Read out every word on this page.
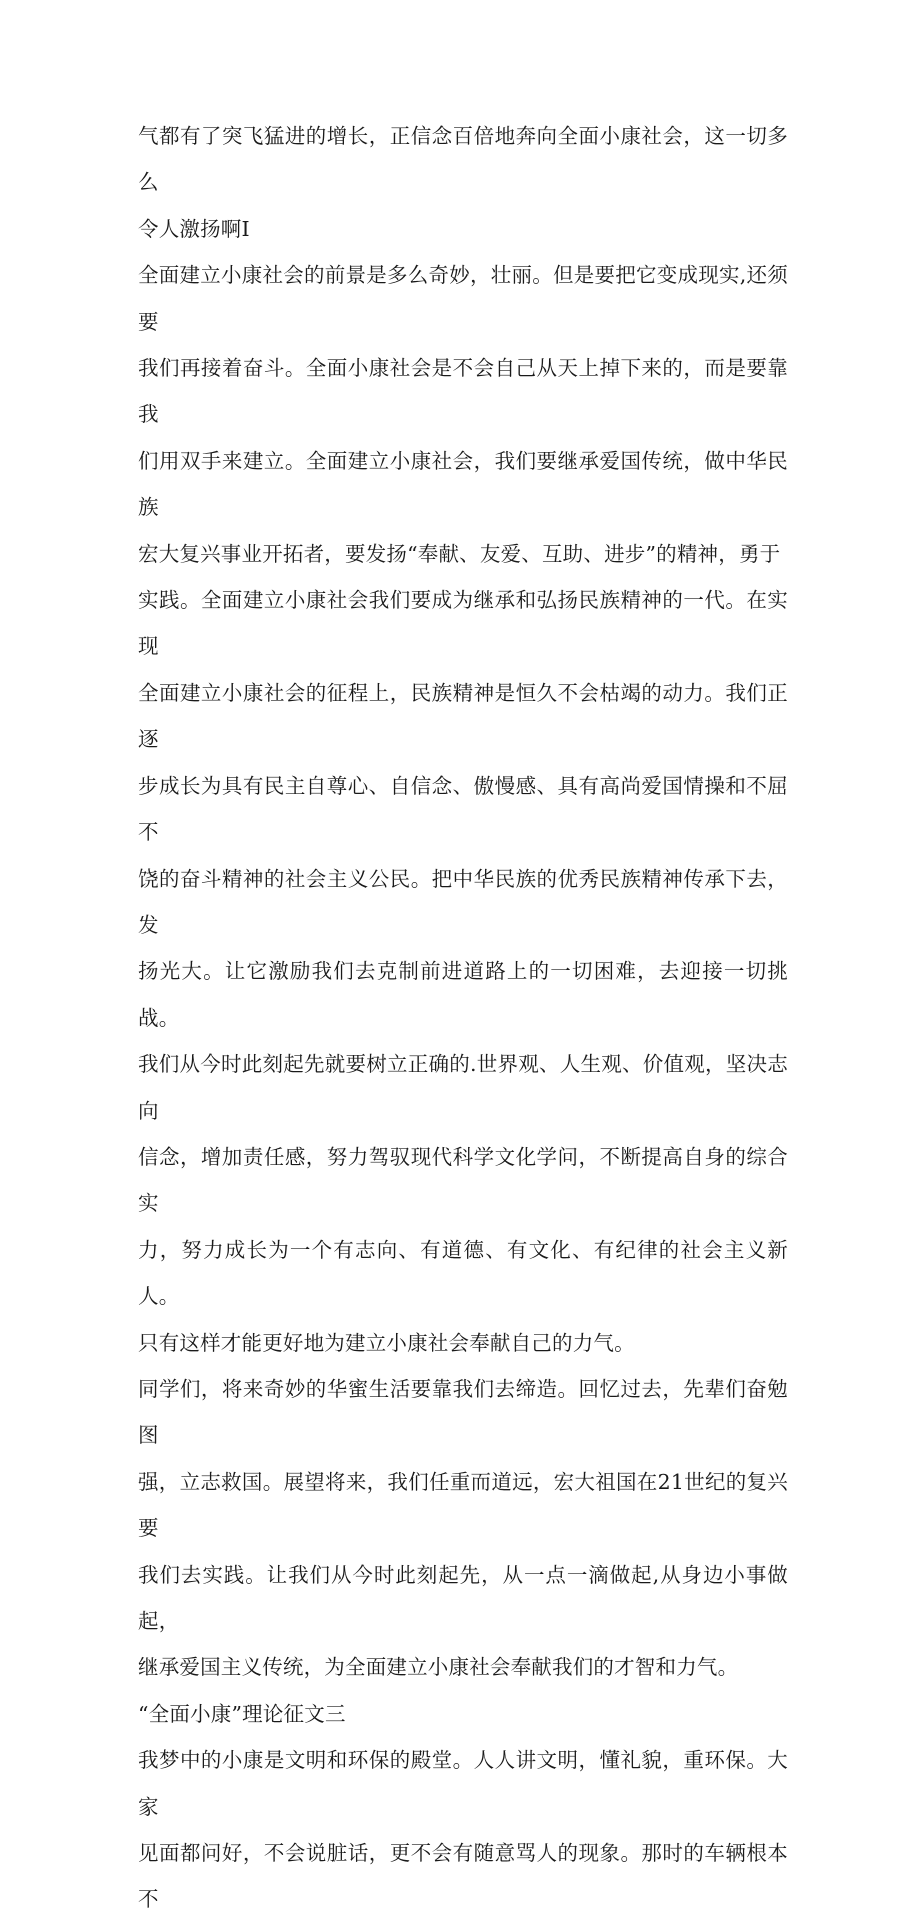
气都有了突飞猛进的增长，正信念百倍地奔向全面小康社会，这一切多么
令人激扬啊I

全面建立小康社会的前景是多么奇妙，壮丽。但是要把它变成现实,还须要
我们再接着奋斗。全面小康社会是不会自己从天上掉下来的，而是要靠我
们用双手来建立。全面建立小康社会，我们要继承爱国传统，做中华民族
宏大复兴事业开拓者，要发扬“奉献、友爱、互助、进步”的精神，勇于
实践。全面建立小康社会我们要成为继承和弘扬民族精神的一代。在实现
全面建立小康社会的征程上，民族精神是恒久不会枯竭的动力。我们正逐
步成长为具有民主自尊心、自信念、傲慢感、具有高尚爱国情操和不屈不
饶的奋斗精神的社会主义公民。把中华民族的优秀民族精神传承下去，发
扬光大。让它激励我们去克制前进道路上的一切困难，去迎接一切挑战。
我们从今时此刻起先就要树立正确的.世界观、人生观、价值观，坚决志向
信念，增加责任感，努力驾驭现代科学文化学问，不断提高自身的综合实
力，努力成长为一个有志向、有道德、有文化、有纪律的社会主义新人。
只有这样才能更好地为建立小康社会奉献自己的力气。

同学们，将来奇妙的华蜜生活要靠我们去缔造。回忆过去，先辈们奋勉图
强，立志救国。展望将来，我们任重而道远，宏大祖国在21世纪的复兴要
我们去实践。让我们从今时此刻起先，从一点一滴做起,从身边小事做起，
继承爱国主义传统，为全面建立小康社会奉献我们的才智和力气。

“全面小康”理论征文三

我梦中的小康是文明和环保的殿堂。人人讲文明，懂礼貌，重环保。大家
见面都问好，不会说脏话，更不会有随意骂人的现象。那时的车辆根本不
